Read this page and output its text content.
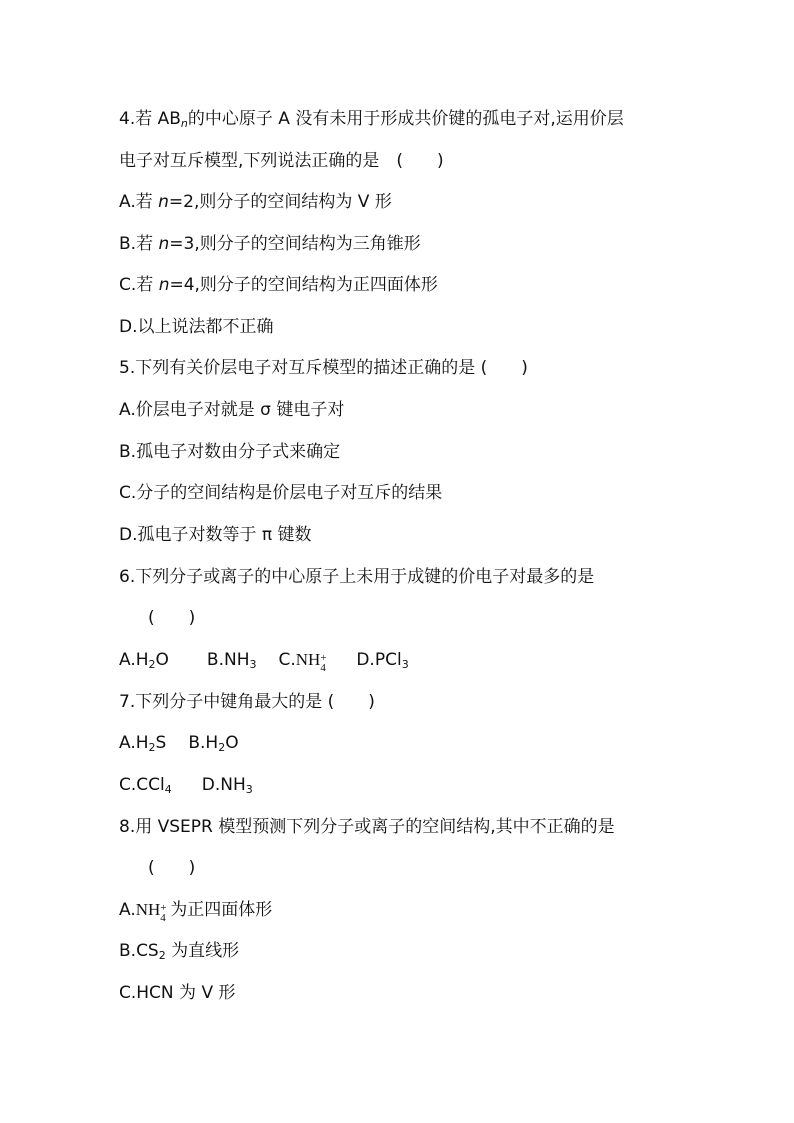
4.若 $AB_n$的中心原子 A 没有未用于形成共价键的孤电子对,运用价层
电子对互斥模型,下列说法正确的是　(　　)
A.若 n=2,则分子的空间结构为 V 形
B.若 n=3,则分子的空间结构为三角锥形
C.若 n=4,则分子的空间结构为正四面体形
D.以上说法都不正确
5.下列有关价层电子对互斥模型的描述正确的是 (　　)
A.价层电子对就是 σ 键电子对
B.孤电子对数由分子式来确定
C.分子的空间结构是价层电子对互斥的结果
D.孤电子对数等于 π 键数
6.下列分子或离子的中心原子上未用于成键的价电子对最多的是
(　　)
$A.H_2O$ $B.NH_3$ C.NH +
4 D.PCl$_3$
7.下列分子中键角最大的是 (　　)
$A.H_2S$ $B.H_2O$
C.CCl$_4$ $D.NH_3$
8.用 VSEPR 模型预测下列分子或离子的空间结构,其中不正确的是
(　　)
A.NH +
4 为正四面体形
$B.CS_2$ 为直线形
C.HCN 为 V 形
